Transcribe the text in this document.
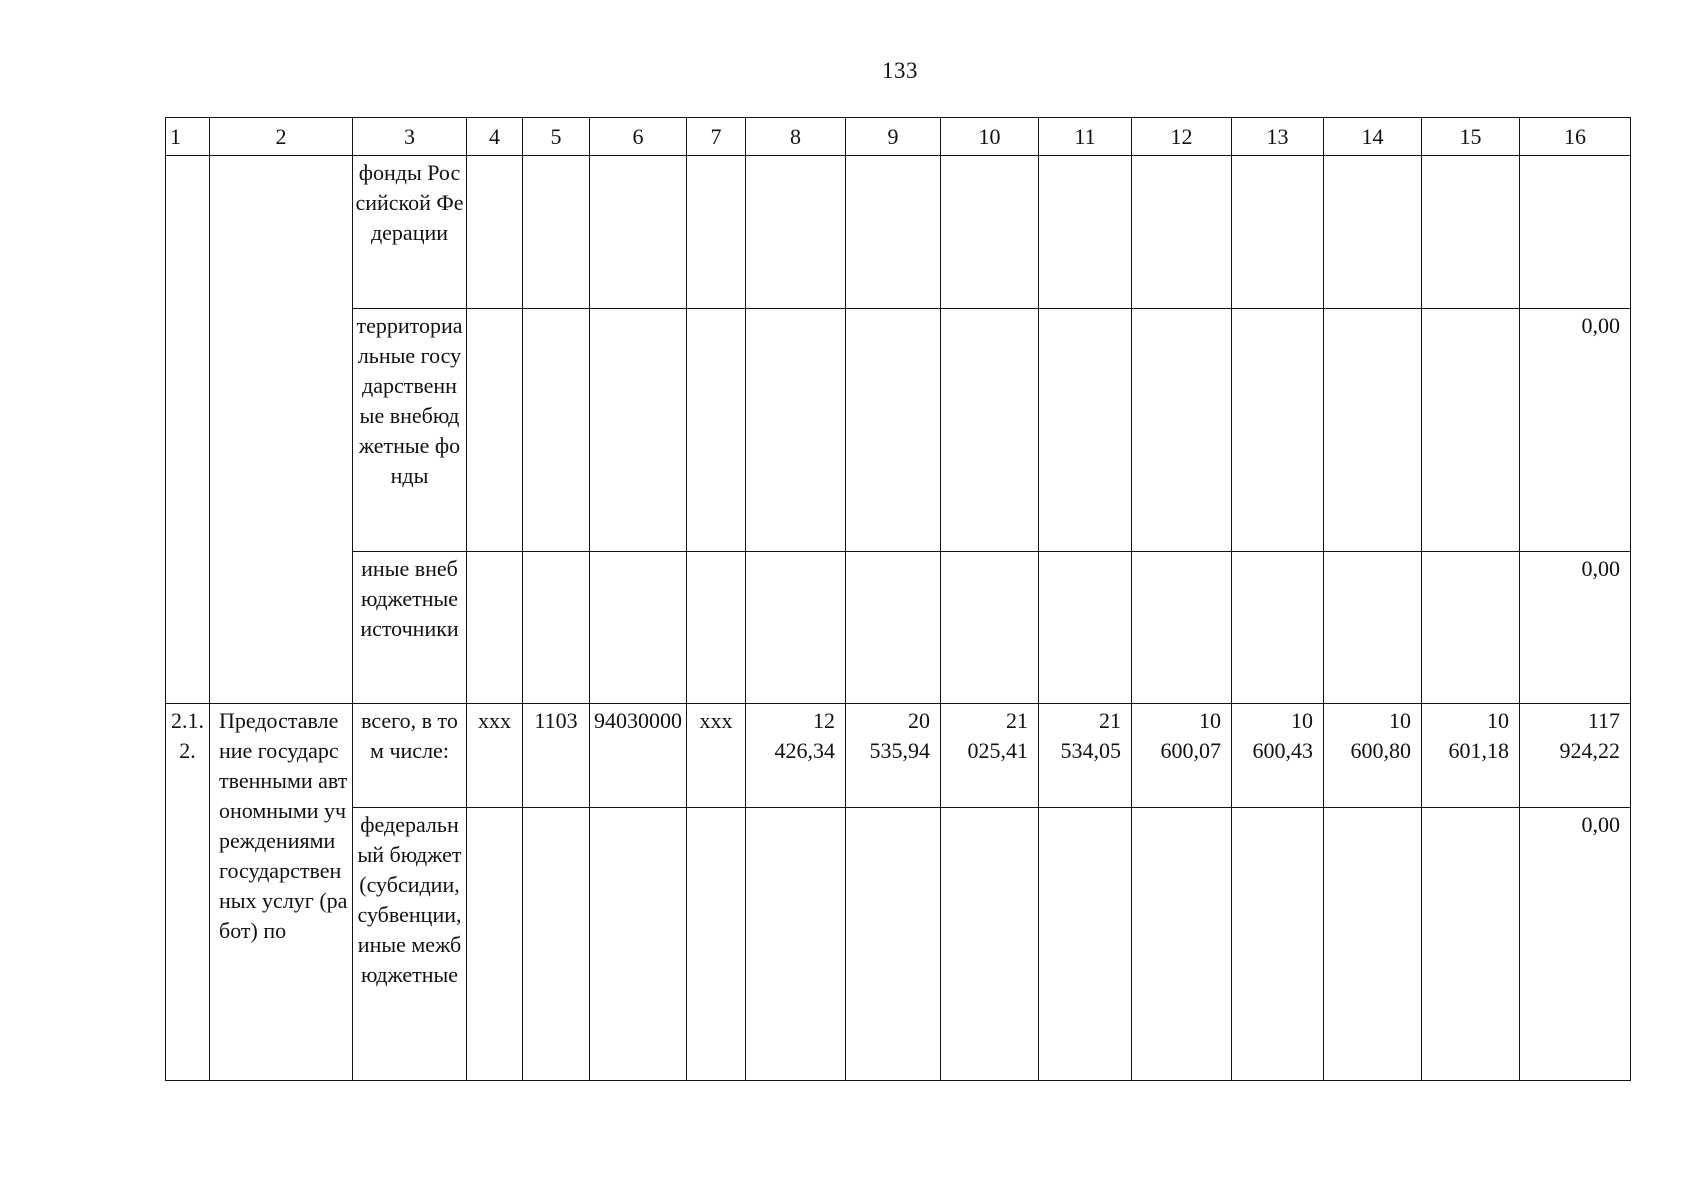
133
1	2	3	4	5	6	7	8	9	10	11	12	13	14	15	16
		фонды Российской Федерации													
		территориальные государственные внебюджетные фонды													0,00
		иные внебюджетные источники													0,00
2.1.2.	Предоставление государственными автономными учреждениями государственных услуг (работ) по	всего, в том числе:	ххх	1103	94030000	ххх	12 426,34	20 535,94	21 025,41	21 534,05	10 600,07	10 600,43	10 600,80	10 601,18	117 924,22
		федеральный бюджет (субсидии, субвенции, иные межбюджетные													0,00
